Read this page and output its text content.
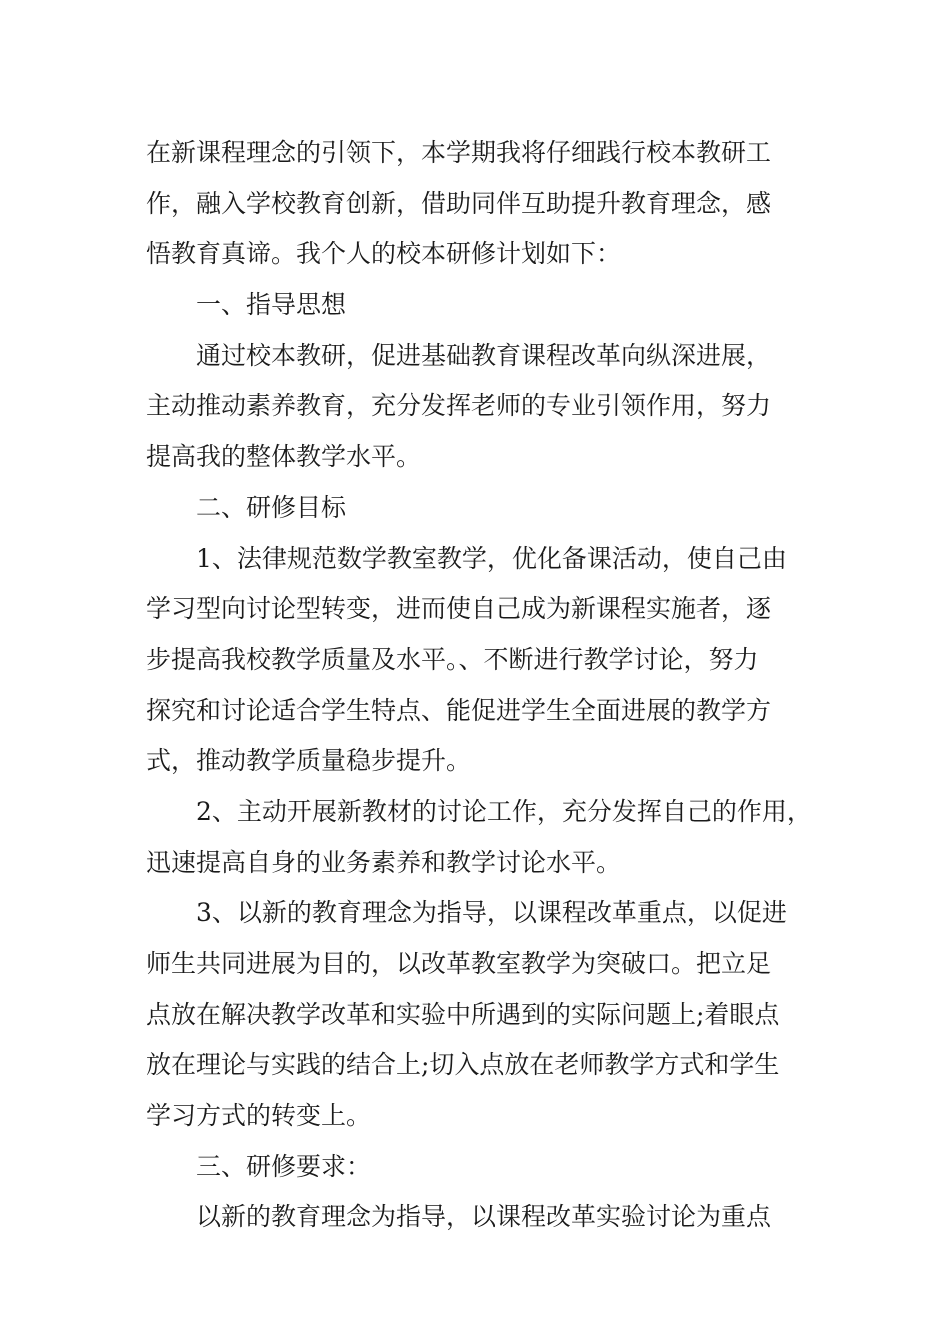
在新课程理念的引领下，本学期我将仔细践行校本教研工
作，融入学校教育创新，借助同伴互助提升教育理念，感
悟教育真谛。我个人的校本研修计划如下：
一、指导思想
通过校本教研，促进基础教育课程改革向纵深进展，
主动推动素养教育，充分发挥老师的专业引领作用，努力
提高我的整体教学水平。
二、研修目标
1、法律规范数学教室教学，优化备课活动，使自己由
学习型向讨论型转变，进而使自己成为新课程实施者，逐
步提高我校教学质量及水平。、不断进行教学讨论，努力
探究和讨论适合学生特点、能促进学生全面进展的教学方
式，推动教学质量稳步提升。
2、主动开展新教材的讨论工作，充分发挥自己的作用，
迅速提高自身的业务素养和教学讨论水平。
3、以新的教育理念为指导，以课程改革重点，以促进
师生共同进展为目的，以改革教室教学为突破口。把立足
点放在解决教学改革和实验中所遇到的实际问题上;着眼点
放在理论与实践的结合上;切入点放在老师教学方式和学生
学习方式的转变上。
三、研修要求：
以新的教育理念为指导，以课程改革实验讨论为重点
